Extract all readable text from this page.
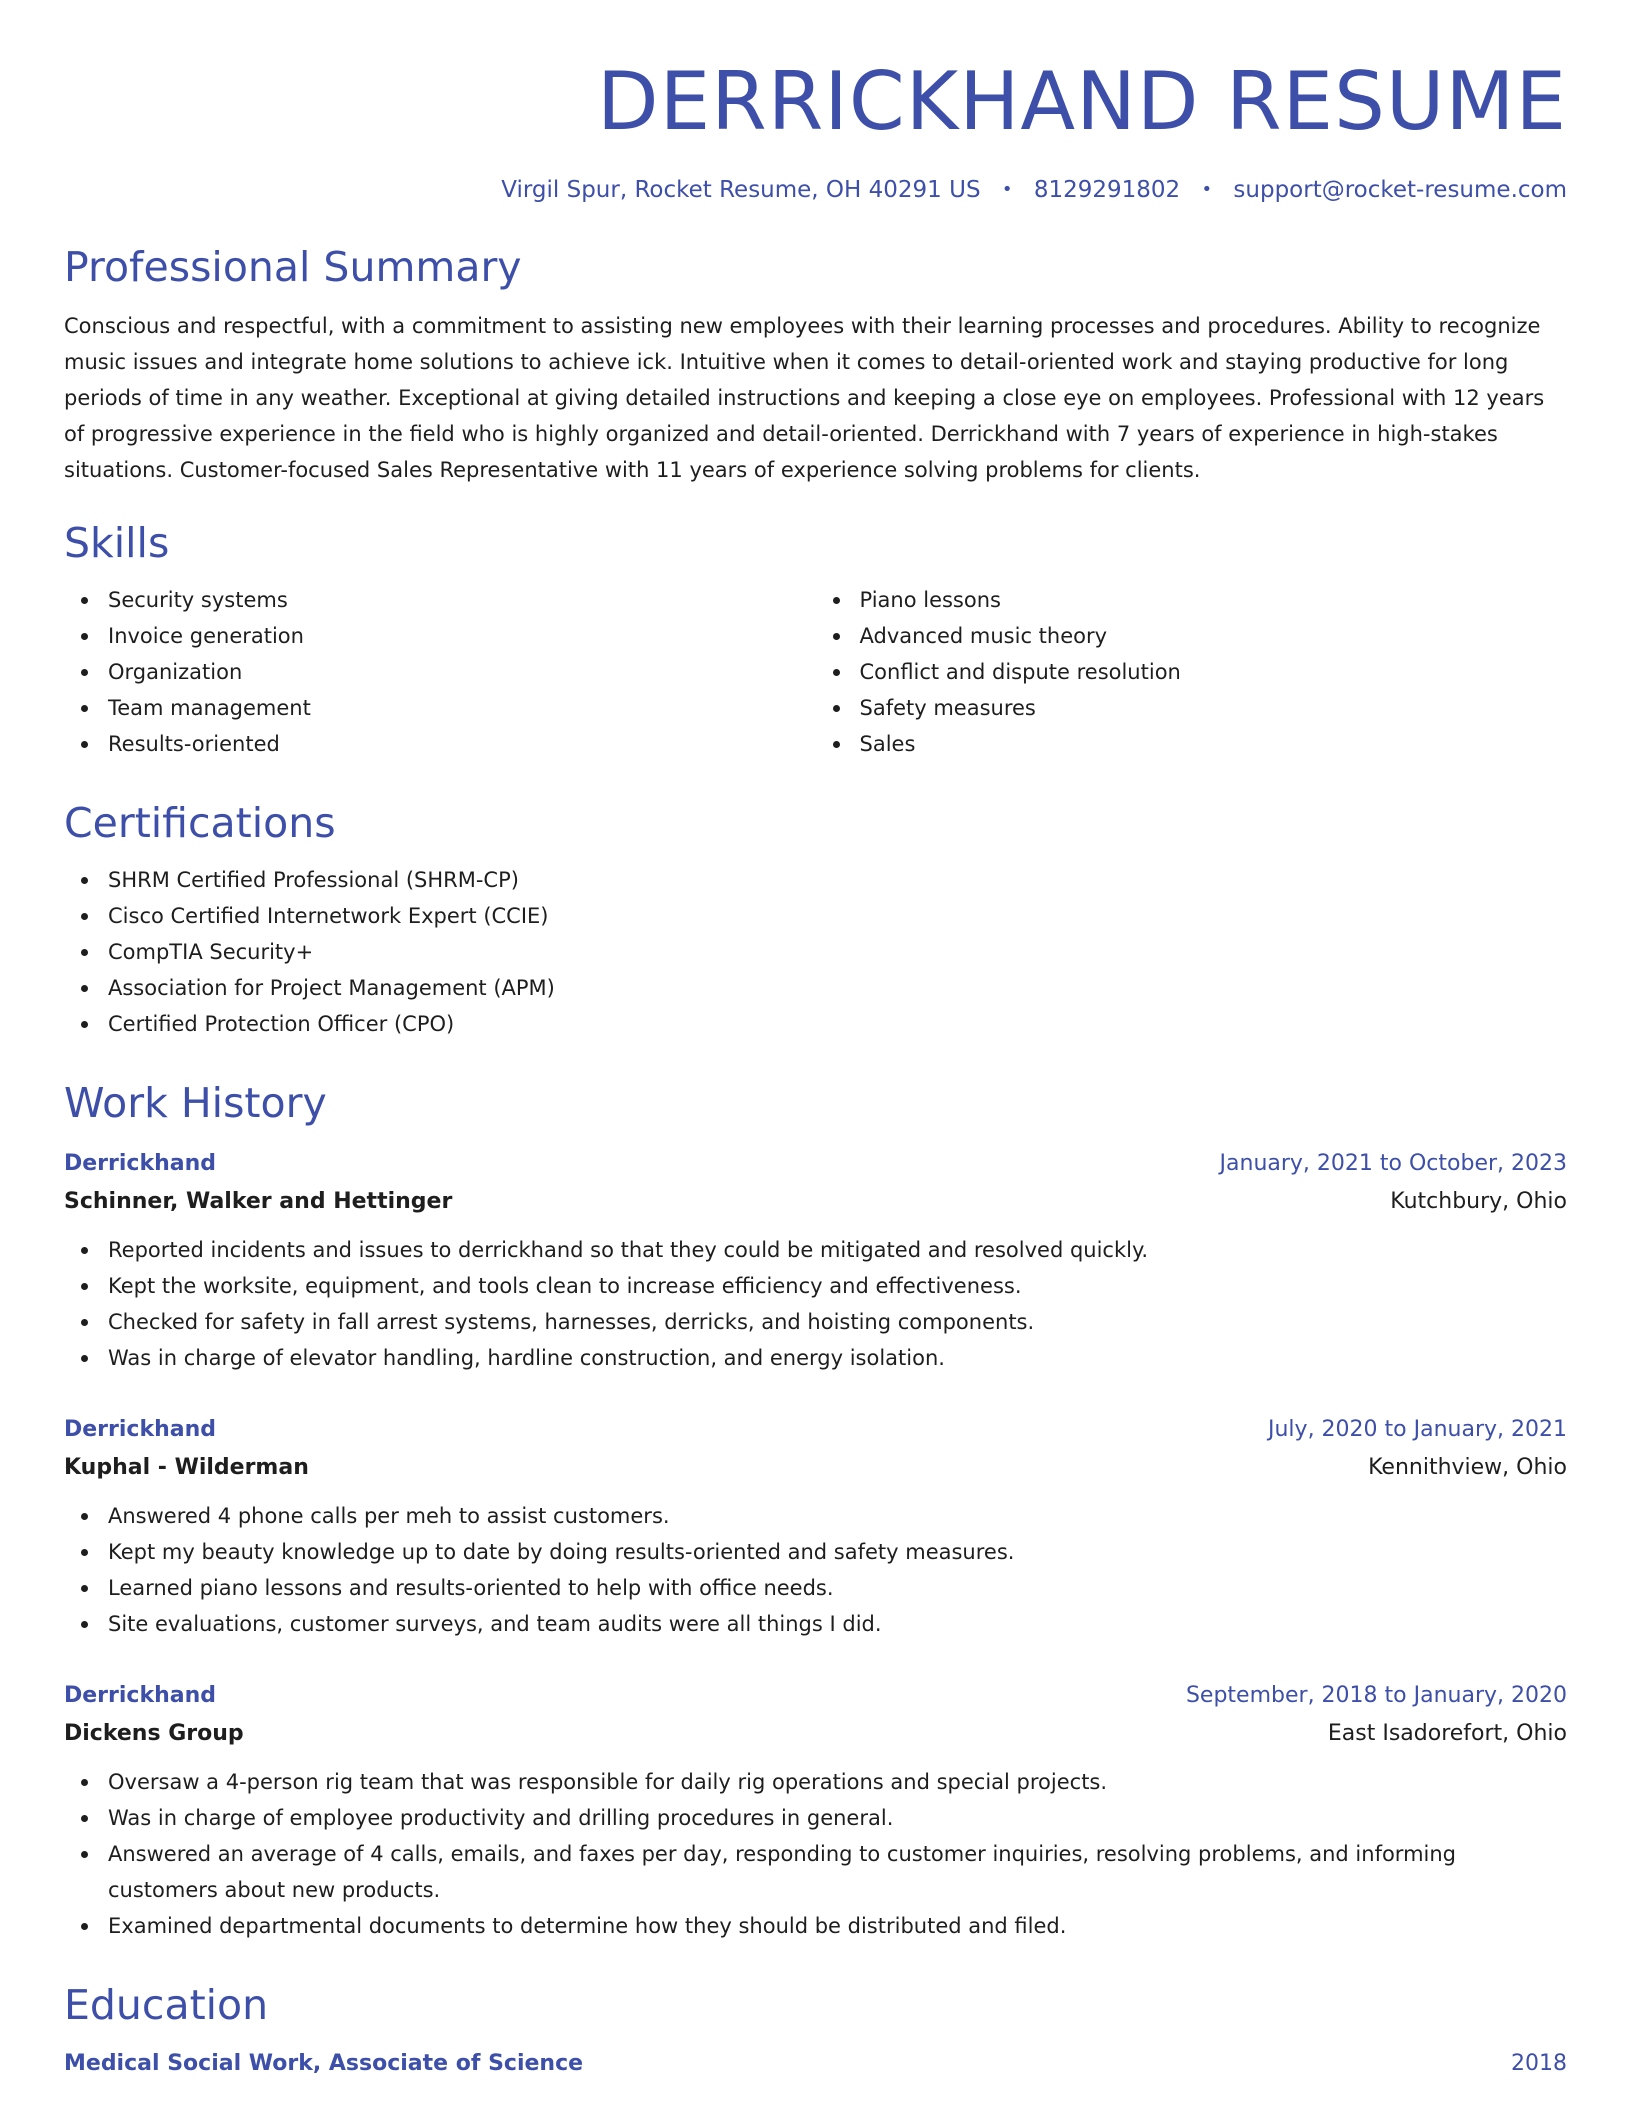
DERRICKHAND RESUME
Virgil Spur, Rocket Resume, OH 40291 US • 8129291802 • support@rocket-resume.com
Professional Summary
Conscious and respectful, with a commitment to assisting new employees with their learning processes and procedures. Ability to recognize music issues and integrate home solutions to achieve ick. Intuitive when it comes to detail-oriented work and staying productive for long periods of time in any weather. Exceptional at giving detailed instructions and keeping a close eye on employees. Professional with 12 years of progressive experience in the field who is highly organized and detail-oriented. Derrickhand with 7 years of experience in high-stakes situations. Customer-focused Sales Representative with 11 years of experience solving problems for clients.
Skills
Security systems
Invoice generation
Organization
Team management
Results-oriented
Piano lessons
Advanced music theory
Conflict and dispute resolution
Safety measures
Sales
Certifications
SHRM Certified Professional (SHRM-CP)
Cisco Certified Internetwork Expert (CCIE)
CompTIA Security+
Association for Project Management (APM)
Certified Protection Officer (CPO)
Work History
Derrickhand	January, 2021 to October, 2023
Schinner, Walker and Hettinger	Kutchbury, Ohio
Reported incidents and issues to derrickhand so that they could be mitigated and resolved quickly.
Kept the worksite, equipment, and tools clean to increase efficiency and effectiveness.
Checked for safety in fall arrest systems, harnesses, derricks, and hoisting components.
Was in charge of elevator handling, hardline construction, and energy isolation.
Derrickhand	July, 2020 to January, 2021
Kuphal - Wilderman	Kennithview, Ohio
Answered 4 phone calls per meh to assist customers.
Kept my beauty knowledge up to date by doing results-oriented and safety measures.
Learned piano lessons and results-oriented to help with office needs.
Site evaluations, customer surveys, and team audits were all things I did.
Derrickhand	September, 2018 to January, 2020
Dickens Group	East Isadorefort, Ohio
Oversaw a 4-person rig team that was responsible for daily rig operations and special projects.
Was in charge of employee productivity and drilling procedures in general.
Answered an average of 4 calls, emails, and faxes per day, responding to customer inquiries, resolving problems, and informing customers about new products.
Examined departmental documents to determine how they should be distributed and filed.
Education
Medical Social Work, Associate of Science	2018
